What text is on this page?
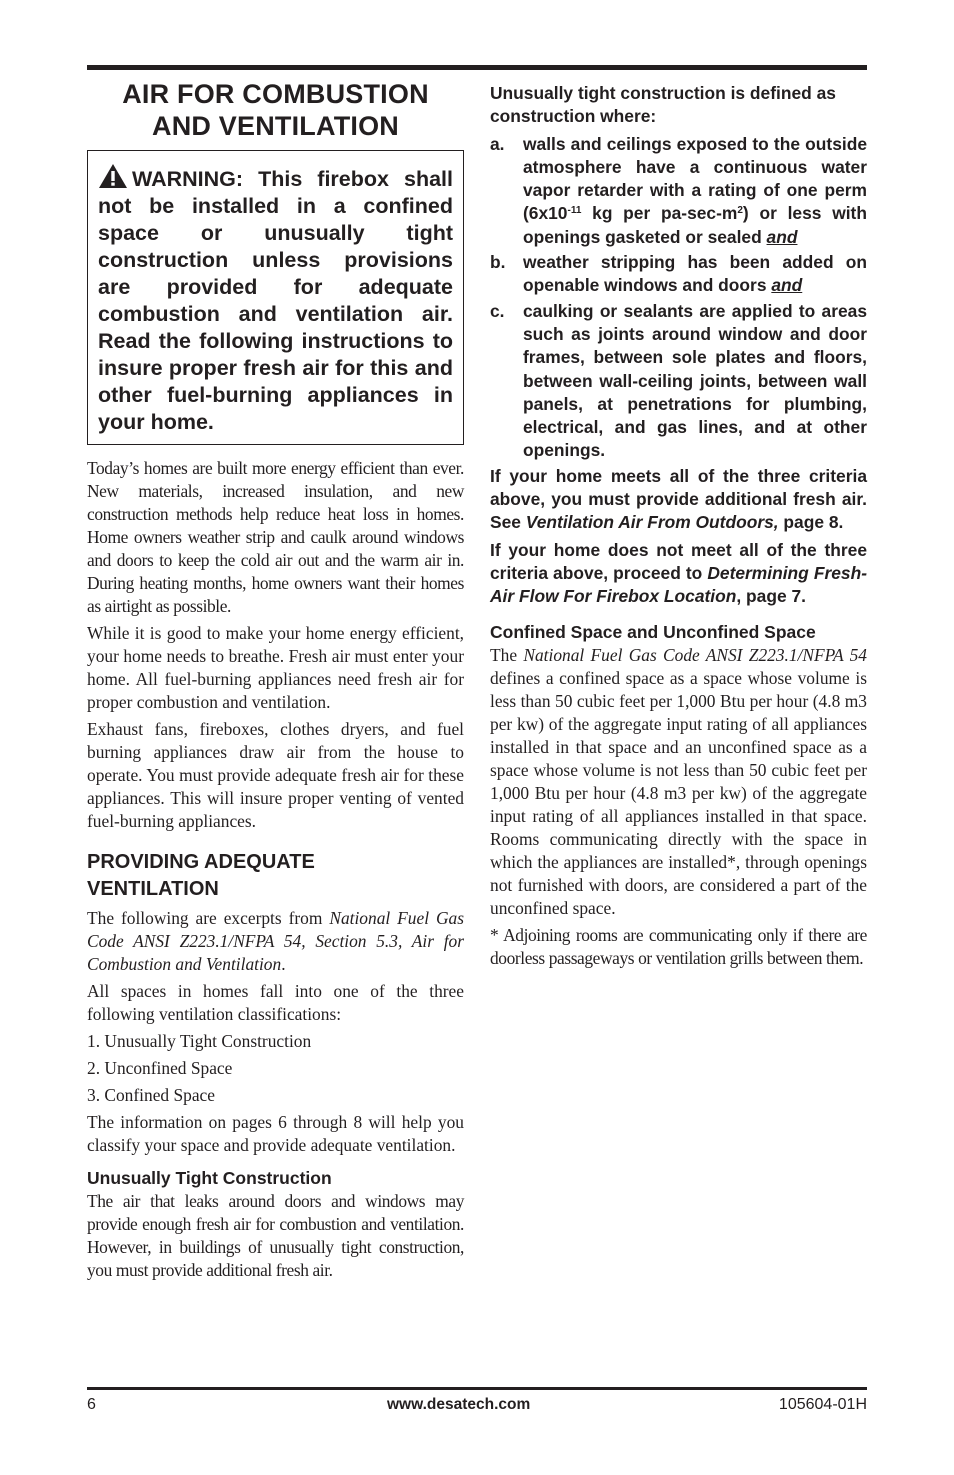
AIR FOR COMBUSTION
AND VENTILATION
WARNING: This firebox shall not be installed in a confined space or unusually tight construction unless provisions are provided for adequate combustion and ventilation air. Read the following instructions to insure proper fresh air for this and other fuel-burning appliances in your home.

Today’s homes are built more energy efficient than ever. New materials, increased insulation, and new construction methods help reduce heat loss in homes. Home owners weather strip and caulk around windows and doors to keep the cold air out and the warm air in. During heating months, home owners want their homes as airtight as possible.

While it is good to make your home energy efficient, your home needs to breathe. Fresh air must enter your home. All fuel-burning appliances need fresh air for proper combustion and ventilation.

Exhaust fans, fireboxes, clothes dryers, and fuel burning appliances draw air from the house to operate. You must provide adequate fresh air for these appliances. This will insure proper venting of vented fuel-burning appliances.

PROVIDING ADEQUATE
VENTILATION

The following are excerpts from National Fuel Gas Code ANSI Z223.1/NFPA 54, Section 5.3, Air for Combustion and Ventilation.

All spaces in homes fall into one of the three following ventilation classifications:

1. Unusually Tight Construction
2. Unconfined Space
3. Confined Space

The information on pages 6 through 8 will help you classify your space and provide adequate ventilation.

Unusually Tight Construction

The air that leaks around doors and windows may provide enough fresh air for combustion and ventilation. However, in buildings of unusually tight construction, you must provide additional fresh air.

Unusually tight construction is defined as construction where:

a.	walls and ceilings exposed to the outside atmosphere have a continuous water vapor retarder with a rating of one perm ($6x10^{-11}$ kg per $pa-\sec-m^2$) or less with openings gasketed or sealed and
b.	weather stripping has been added on openable windows and doors and
c.	caulking or sealants are applied to areas such as joints around window and door frames, between sole plates and floors, between wall-ceiling joints, between wall panels, at penetrations for plumbing, electrical, and gas lines, and at other openings.

If your home meets all of the three criteria above, you must provide additional fresh air. See Ventilation Air From Outdoors, page 8.

If your home does not meet all of the three criteria above, proceed to Determining Fresh-Air Flow For Firebox Location, page 7.

Confined Space and Unconfined Space

The National Fuel Gas Code ANSI Z223.1/NFPA 54 defines a confined space as a space whose volume is less than 50 cubic feet per 1,000 Btu per hour (4.8 m3 per kw) of the aggregate input rating of all appliances installed in that space and an unconfined space as a space whose volume is not less than 50 cubic feet per 1,000 Btu per hour (4.8 m3 per kw) of the aggregate input rating of all appliances installed in that space. Rooms communicating directly with the space in which the appliances are installed*, through openings not furnished with doors, are considered a part of the unconfined space.

* Adjoining rooms are communicating only if there are doorless passageways or ventilation grills between them.

6	www.desatech.com	105604-01H
